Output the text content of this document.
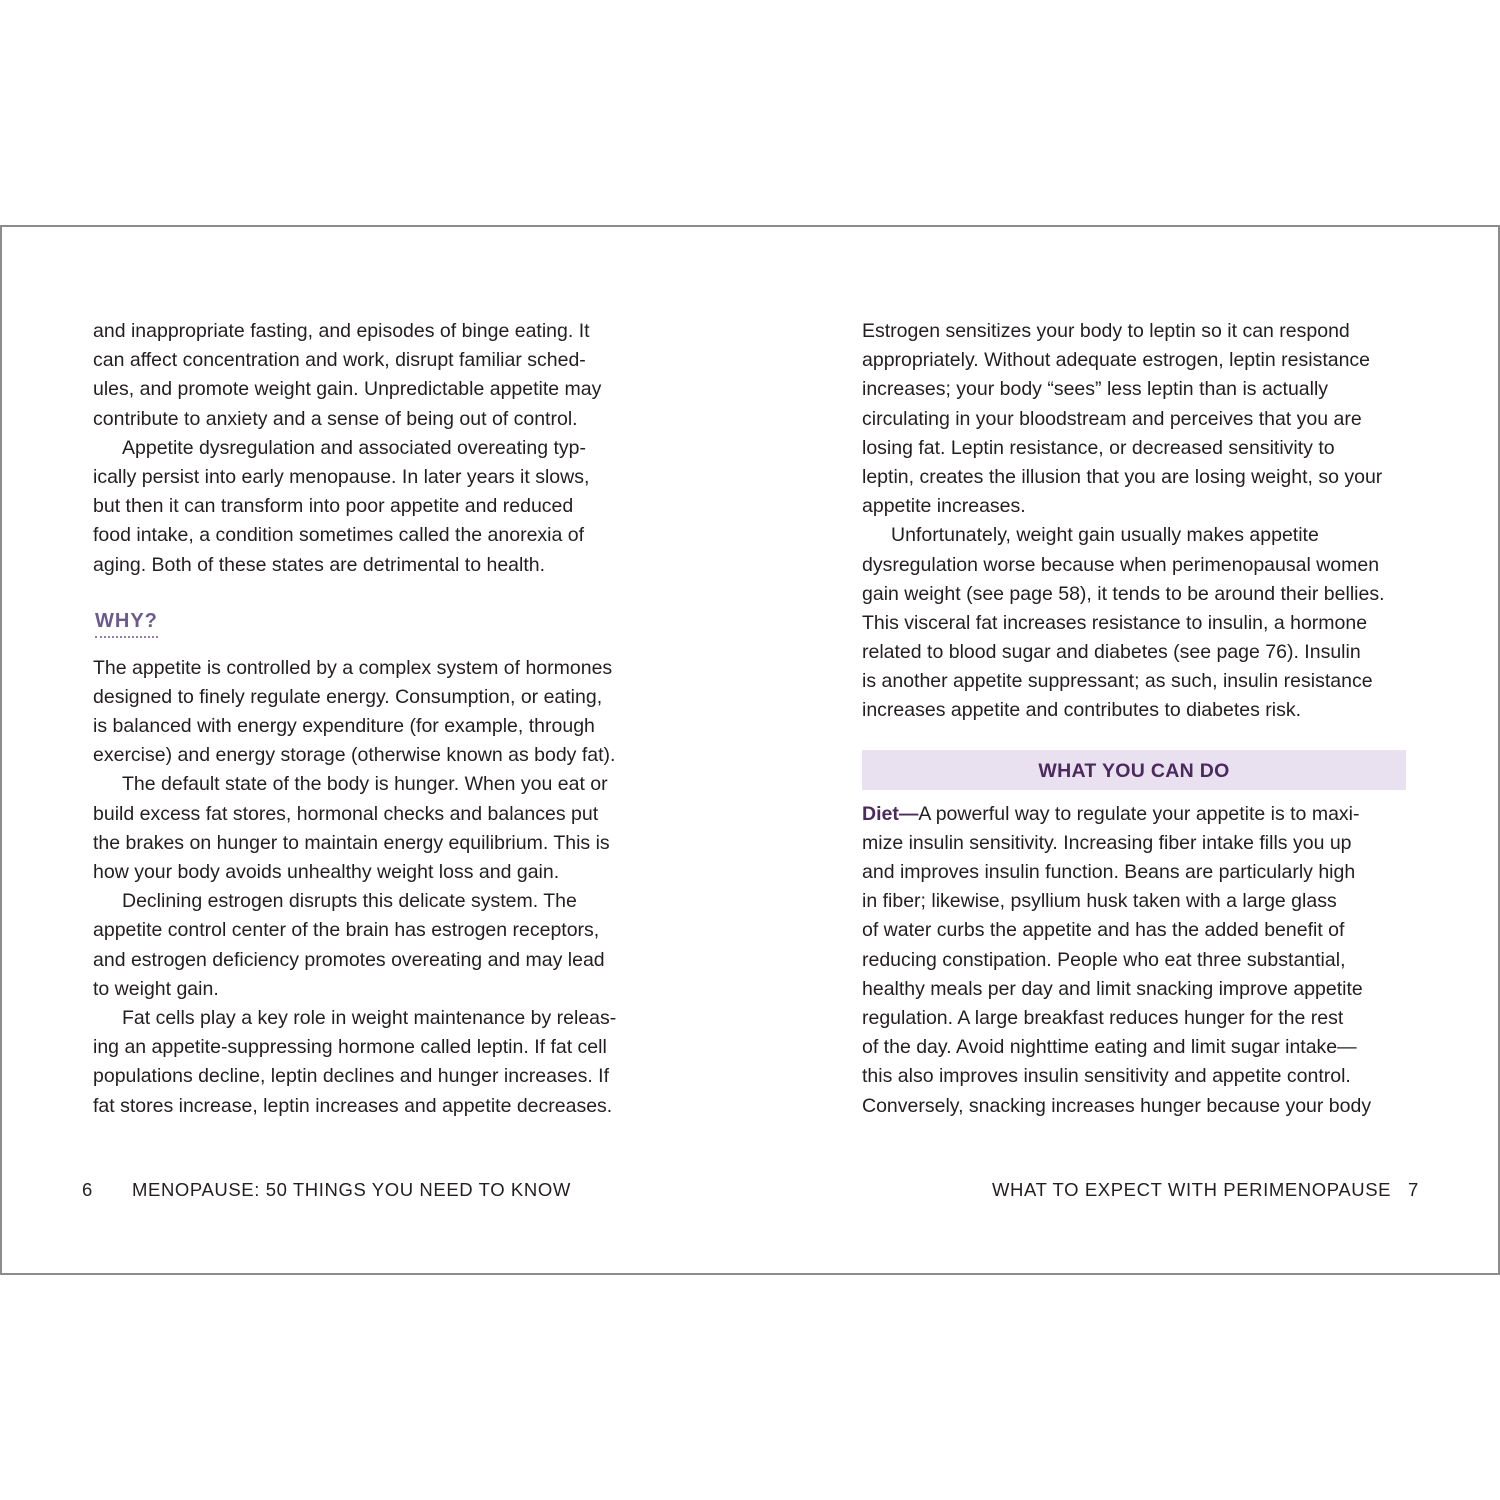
and inappropriate fasting, and episodes of binge eating. It
can affect concentration and work, disrupt familiar sched-
ules, and promote weight gain. Unpredictable appetite may
contribute to anxiety and a sense of being out of control.
Appetite dysregulation and associated overeating typ-
ically persist into early menopause. In later years it slows,
but then it can transform into poor appetite and reduced
food intake, a condition sometimes called the anorexia of
aging. Both of these states are detrimental to health.
WHY?
The appetite is controlled by a complex system of hormones
designed to finely regulate energy. Consumption, or eating,
is balanced with energy expenditure (for example, through
exercise) and energy storage (otherwise known as body fat).
The default state of the body is hunger. When you eat or
build excess fat stores, hormonal checks and balances put
the brakes on hunger to maintain energy equilibrium. This is
how your body avoids unhealthy weight loss and gain.
Declining estrogen disrupts this delicate system. The
appetite control center of the brain has estrogen receptors,
and estrogen deficiency promotes overeating and may lead
to weight gain.
Fat cells play a key role in weight maintenance by releas-
ing an appetite-suppressing hormone called leptin. If fat cell
populations decline, leptin declines and hunger increases. If
fat stores increase, leptin increases and appetite decreases.
Estrogen sensitizes your body to leptin so it can respond
appropriately. Without adequate estrogen, leptin resistance
increases; your body “sees” less leptin than is actually
circulating in your bloodstream and perceives that you are
losing fat. Leptin resistance, or decreased sensitivity to
leptin, creates the illusion that you are losing weight, so your
appetite increases.
Unfortunately, weight gain usually makes appetite
dysregulation worse because when perimenopausal women
gain weight (see page 58), it tends to be around their bellies.
This visceral fat increases resistance to insulin, a hormone
related to blood sugar and diabetes (see page 76). Insulin
is another appetite suppressant; as such, insulin resistance
increases appetite and contributes to diabetes risk.
WHAT YOU CAN DO
Diet—A powerful way to regulate your appetite is to maxi-
mize insulin sensitivity. Increasing fiber intake fills you up
and improves insulin function. Beans are particularly high
in fiber; likewise, psyllium husk taken with a large glass
of water curbs the appetite and has the added benefit of
reducing constipation. People who eat three substantial,
healthy meals per day and limit snacking improve appetite
regulation. A large breakfast reduces hunger for the rest
of the day. Avoid nighttime eating and limit sugar intake—
this also improves insulin sensitivity and appetite control.
Conversely, snacking increases hunger because your body
6 MENOPAUSE: 50 THINGS YOU NEED TO KNOW	WHAT TO EXPECT WITH PERIMENOPAUSE 7
